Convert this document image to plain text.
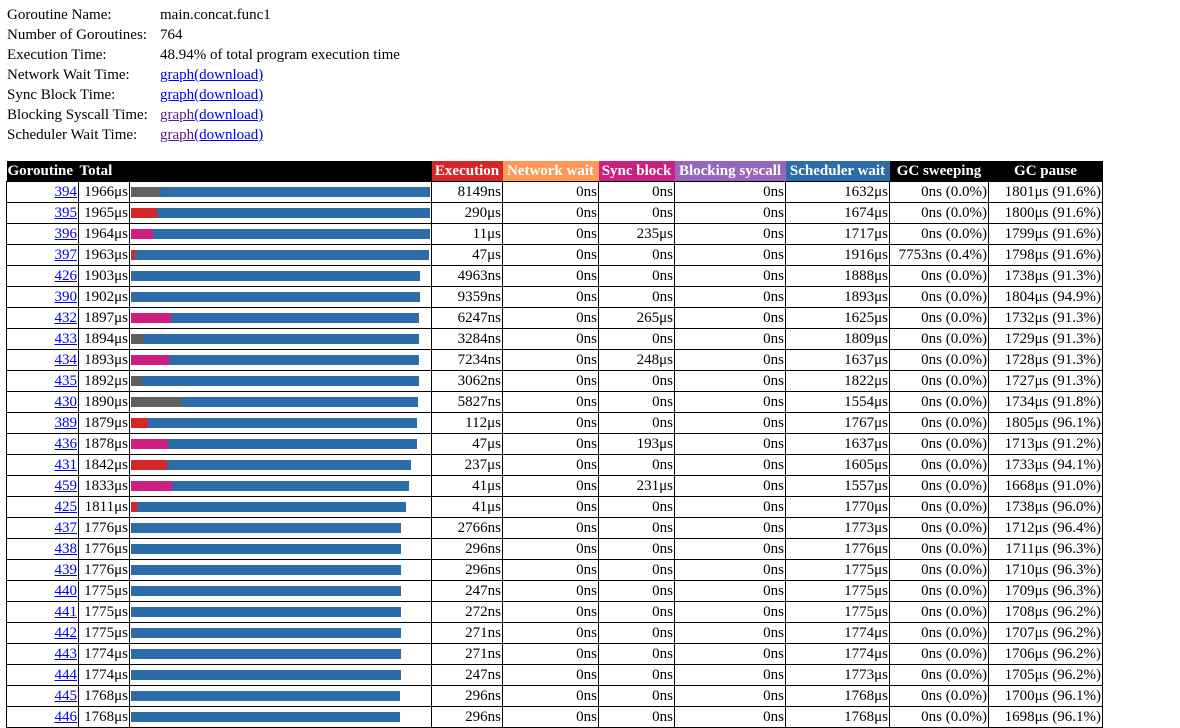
Goroutine Name:	main.concat.func1
Number of Goroutines:	764
Execution Time:	48.94% of total program execution time
Network Wait Time:	graph(download)
Sync Block Time:	graph(download)
Blocking Syscall Time:	graph(download)
Scheduler Wait Time:	graph(download)
Goroutine	Total		Execution	Network wait	Sync block	Blocking syscall	Scheduler wait	GC sweeping	GC pause
394	1966μs		8149ns	0ns	0ns	0ns	1632μs	0ns (0.0%)	1801μs (91.6%)
395	1965μs		290μs	0ns	0ns	0ns	1674μs	0ns (0.0%)	1800μs (91.6%)
396	1964μs		11μs	0ns	235μs	0ns	1717μs	0ns (0.0%)	1799μs (91.6%)
397	1963μs		47μs	0ns	0ns	0ns	1916μs	7753ns (0.4%)	1798μs (91.6%)
426	1903μs		4963ns	0ns	0ns	0ns	1888μs	0ns (0.0%)	1738μs (91.3%)
390	1902μs		9359ns	0ns	0ns	0ns	1893μs	0ns (0.0%)	1804μs (94.9%)
432	1897μs		6247ns	0ns	265μs	0ns	1625μs	0ns (0.0%)	1732μs (91.3%)
433	1894μs		3284ns	0ns	0ns	0ns	1809μs	0ns (0.0%)	1729μs (91.3%)
434	1893μs		7234ns	0ns	248μs	0ns	1637μs	0ns (0.0%)	1728μs (91.3%)
435	1892μs		3062ns	0ns	0ns	0ns	1822μs	0ns (0.0%)	1727μs (91.3%)
430	1890μs		5827ns	0ns	0ns	0ns	1554μs	0ns (0.0%)	1734μs (91.8%)
389	1879μs		112μs	0ns	0ns	0ns	1767μs	0ns (0.0%)	1805μs (96.1%)
436	1878μs		47μs	0ns	193μs	0ns	1637μs	0ns (0.0%)	1713μs (91.2%)
431	1842μs		237μs	0ns	0ns	0ns	1605μs	0ns (0.0%)	1733μs (94.1%)
459	1833μs		41μs	0ns	231μs	0ns	1557μs	0ns (0.0%)	1668μs (91.0%)
425	1811μs		41μs	0ns	0ns	0ns	1770μs	0ns (0.0%)	1738μs (96.0%)
437	1776μs		2766ns	0ns	0ns	0ns	1773μs	0ns (0.0%)	1712μs (96.4%)
438	1776μs		296ns	0ns	0ns	0ns	1776μs	0ns (0.0%)	1711μs (96.3%)
439	1776μs		296ns	0ns	0ns	0ns	1775μs	0ns (0.0%)	1710μs (96.3%)
440	1775μs		247ns	0ns	0ns	0ns	1775μs	0ns (0.0%)	1709μs (96.3%)
441	1775μs		272ns	0ns	0ns	0ns	1775μs	0ns (0.0%)	1708μs (96.2%)
442	1775μs		271ns	0ns	0ns	0ns	1774μs	0ns (0.0%)	1707μs (96.2%)
443	1774μs		271ns	0ns	0ns	0ns	1774μs	0ns (0.0%)	1706μs (96.2%)
444	1774μs		247ns	0ns	0ns	0ns	1773μs	0ns (0.0%)	1705μs (96.2%)
445	1768μs		296ns	0ns	0ns	0ns	1768μs	0ns (0.0%)	1700μs (96.1%)
446	1768μs		296ns	0ns	0ns	0ns	1768μs	0ns (0.0%)	1698μs (96.1%)
